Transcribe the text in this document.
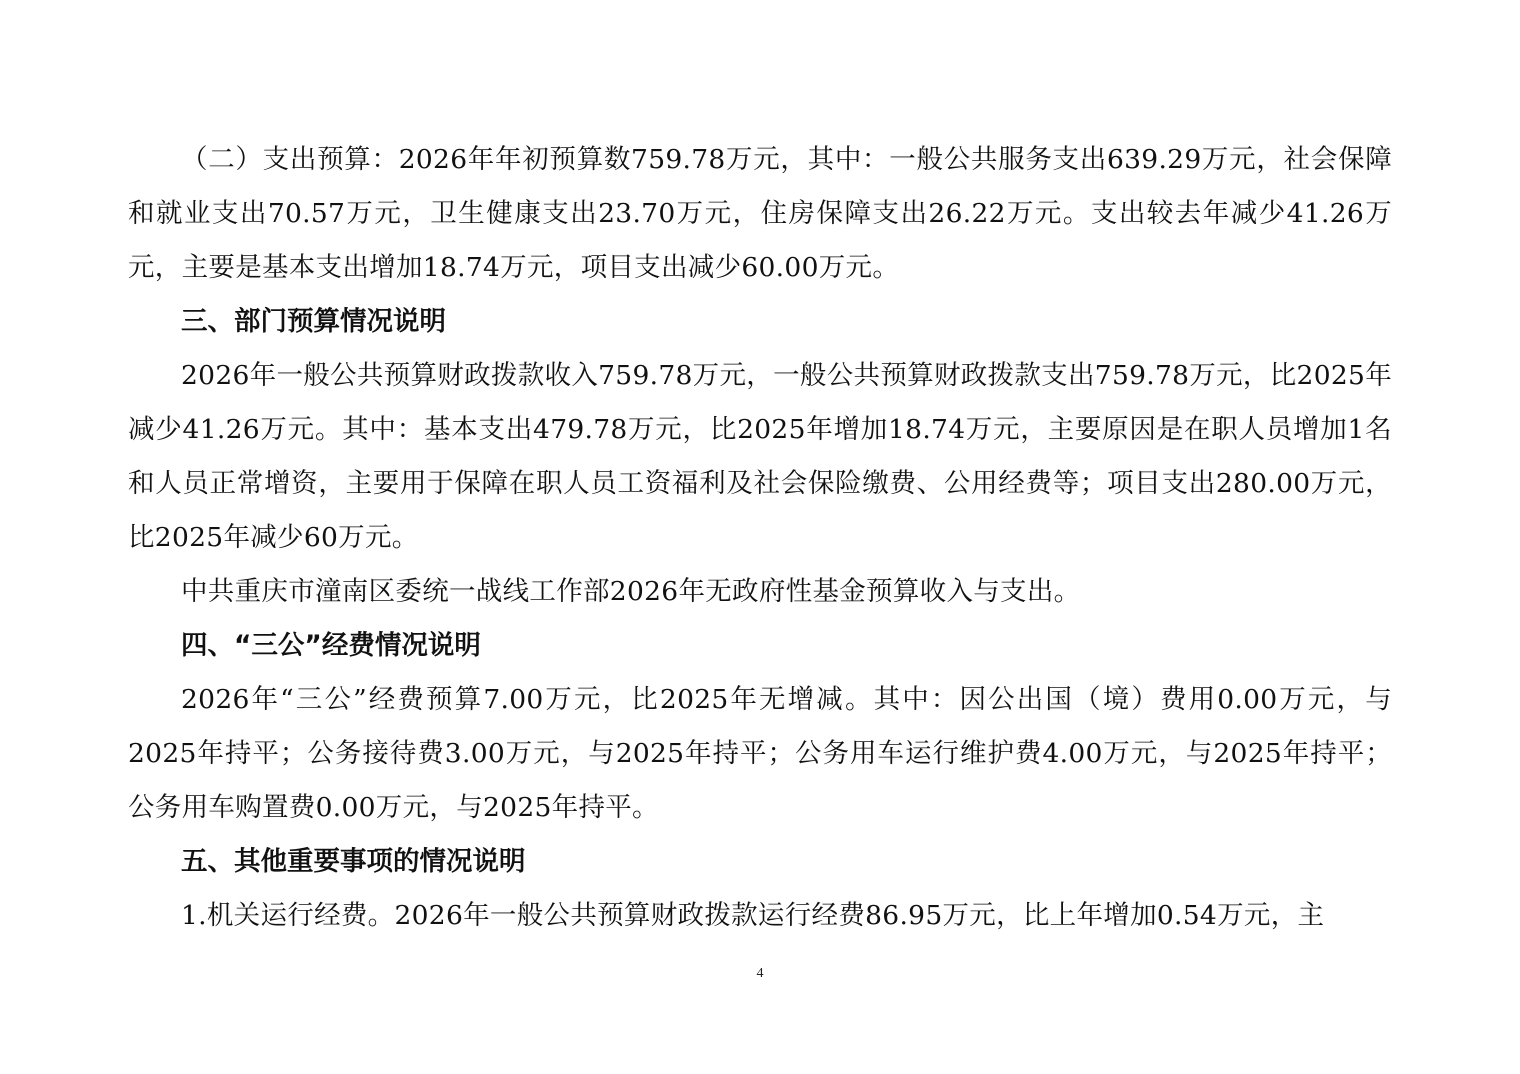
（二）支出预算：2026年年初预算数759.78万元，其中：一般公共服务支出639.29万元，社会保障和就业支出70.57万元，卫生健康支出23.70万元，住房保障支出26.22万元。支出较去年减少41.26万元，主要是基本支出增加18.74万元，项目支出减少60.00万元。

三、部门预算情况说明

2026年一般公共预算财政拨款收入759.78万元，一般公共预算财政拨款支出759.78万元，比2025年减少41.26万元。其中：基本支出479.78万元，比2025年增加18.74万元，主要原因是在职人员增加1名和人员正常增资，主要用于保障在职人员工资福利及社会保险缴费、公用经费等；项目支出280.00万元，比2025年减少60万元。

中共重庆市潼南区委统一战线工作部2026年无政府性基金预算收入与支出。

四、“三公”经费情况说明

2026年“三公”经费预算7.00万元，比2025年无增减。其中：因公出国（境）费用0.00万元，与2025年持平；公务接待费3.00万元，与2025年持平；公务用车运行维护费4.00万元，与2025年持平；公务用车购置费0.00万元，与2025年持平。

五、其他重要事项的情况说明

1.机关运行经费。2026年一般公共预算财政拨款运行经费86.95万元，比上年增加0.54万元，主

4
